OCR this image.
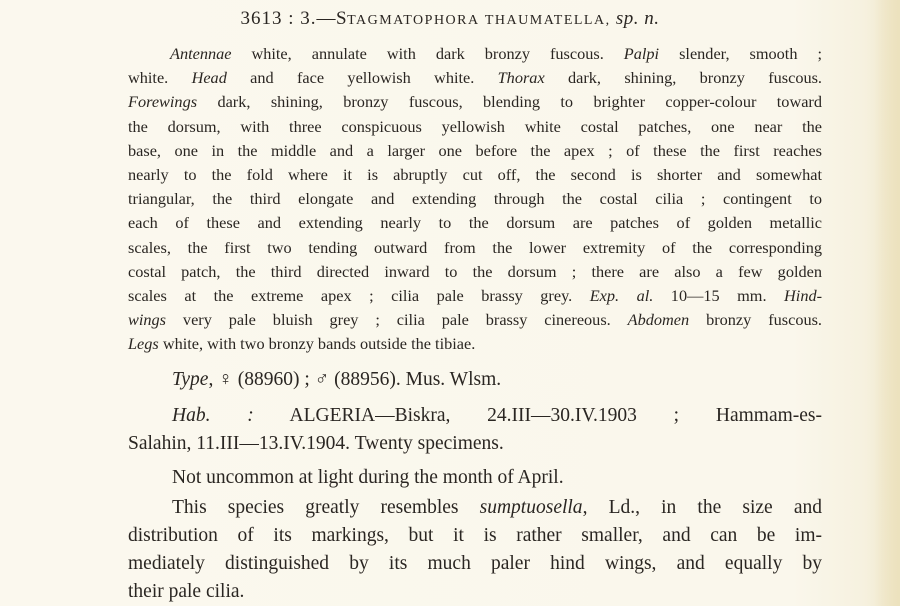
3613 : 3.—STAGMATOPHORA THAUMATELLA, sp. n.
Antennae white, annulate with dark bronzy fuscous. Palpi slender, smooth ;
white. Head and face yellowish white. Thorax dark, shining, bronzy fuscous.
Forewings dark, shining, bronzy fuscous, blending to brighter copper-colour toward
the dorsum, with three conspicuous yellowish white costal patches, one near the
base, one in the middle and a larger one before the apex ; of these the first reaches
nearly to the fold where it is abruptly cut off, the second is shorter and somewhat
triangular, the third elongate and extending through the costal cilia ; contingent to
each of these and extending nearly to the dorsum are patches of golden metallic
scales, the first two tending outward from the lower extremity of the corresponding
costal patch, the third directed inward to the dorsum ; there are also a few golden
scales at the extreme apex ; cilia pale brassy grey. Exp. al. 10—15 mm. Hind-
wings very pale bluish grey ; cilia pale brassy cinereous. Abdomen bronzy fuscous.
Legs white, with two bronzy bands outside the tibiae.
Type, ♀ (88960) ; ♂ (88956). Mus. Wlsm.
Hab. : ALGERIA—Biskra, 24.III—30.IV.1903 ; Hammam-es-
Salahin, 11.III—13.IV.1904. Twenty specimens.
Not uncommon at light during the month of April.
This species greatly resembles sumptuosella, Ld., in the size and
distribution of its markings, but it is rather smaller, and can be im-
mediately distinguished by its much paler hind wings, and equally by
their pale cilia.
